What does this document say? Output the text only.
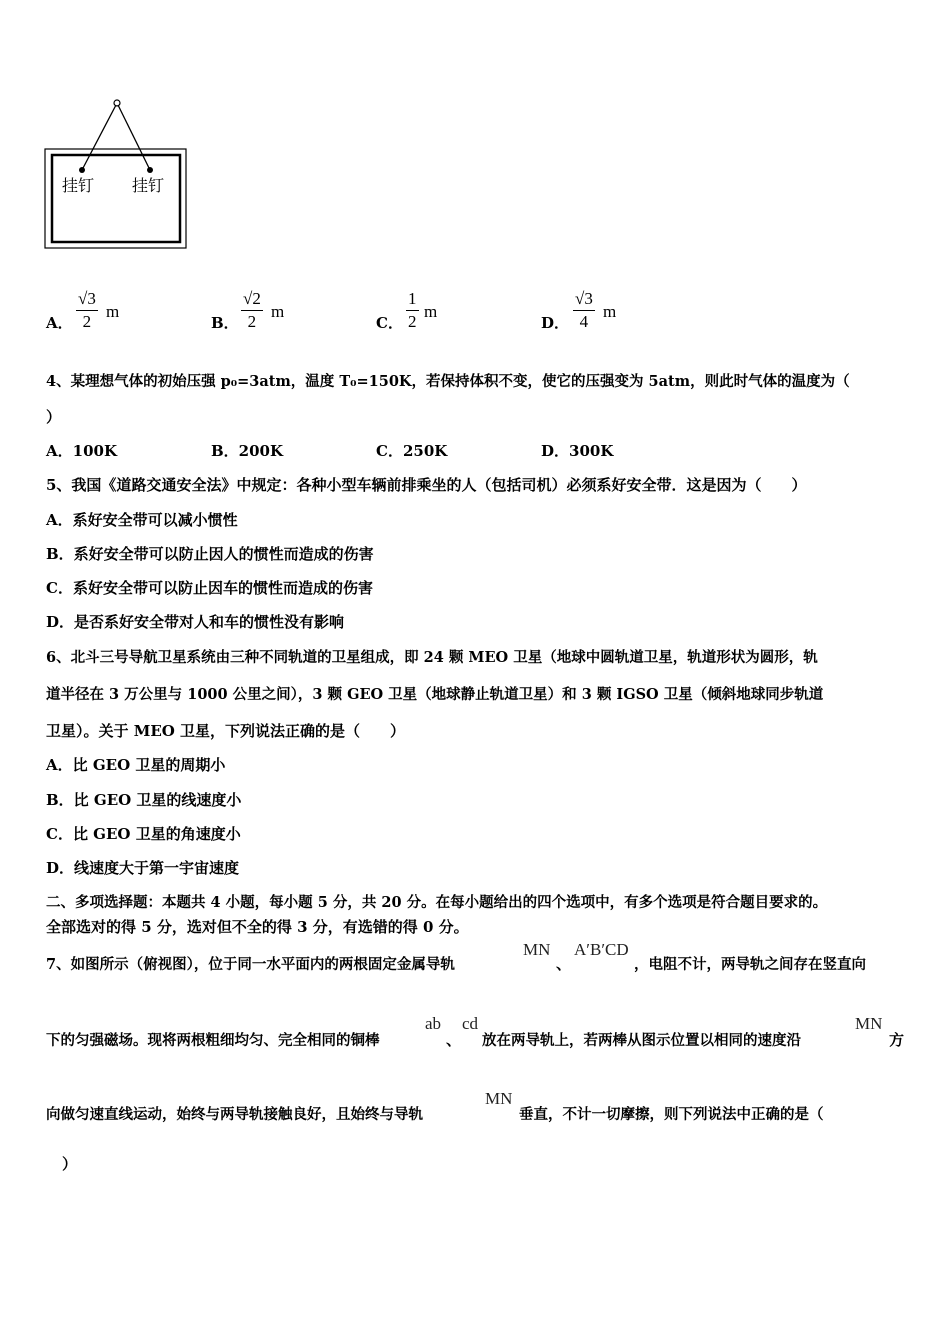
挂钉 挂钉
A． $\frac{√3}{2}$ m
B． $\frac{√2}{2}$ m
C． $\frac{1}{2}$ m
D． $\frac{√3}{4}$ m
4、某理想气体的初始压强 p₀=3atm，温度 T₀=150K，若保持体积不变，使它的压强变为 5atm，则此时气体的温度为（
）
A．100K	B．200K	C．250K	D．300K
5、我国《道路交通安全法》中规定：各种小型车辆前排乘坐的人（包括司机）必须系好安全带．这是因为（　　）
A．系好安全带可以减小惯性
B．系好安全带可以防止因人的惯性而造成的伤害
C．系好安全带可以防止因车的惯性而造成的伤害
D．是否系好安全带对人和车的惯性没有影响
6、北斗三号导航卫星系统由三种不同轨道的卫星组成，即 24 颗 MEO 卫星（地球中圆轨道卫星，轨道形状为圆形，轨
道半径在 3 万公里与 1000 公里之间），3 颗 GEO 卫星（地球静止轨道卫星）和 3 颗 IGSO 卫星（倾斜地球同步轨道
卫星）。关于 MEO 卫星，下列说法正确的是（　　）
A．比 GEO 卫星的周期小
B．比 GEO 卫星的线速度小
C．比 GEO 卫星的角速度小
D．线速度大于第一宇宙速度
二、多项选择题：本题共 4 小题，每小题 5 分，共 20 分。在每小题给出的四个选项中，有多个选项是符合题目要求的。
全部选对的得 5 分，选对但不全的得 3 分，有选错的得 0 分。
7、如图所示（俯视图），位于同一水平面内的两根固定金属导轨
MN
、
A′B′CD
，电阻不计，两导轨之间存在竖直向
下的匀强磁场。现将两根粗细均匀、完全相同的铜棒
ab
、
cd
放在两导轨上，若两棒从图示位置以相同的速度沿
MN
方
向做匀速直线运动，始终与两导轨接触良好，且始终与导轨
MN
垂直，不计一切摩擦，则下列说法中正确的是（
）
